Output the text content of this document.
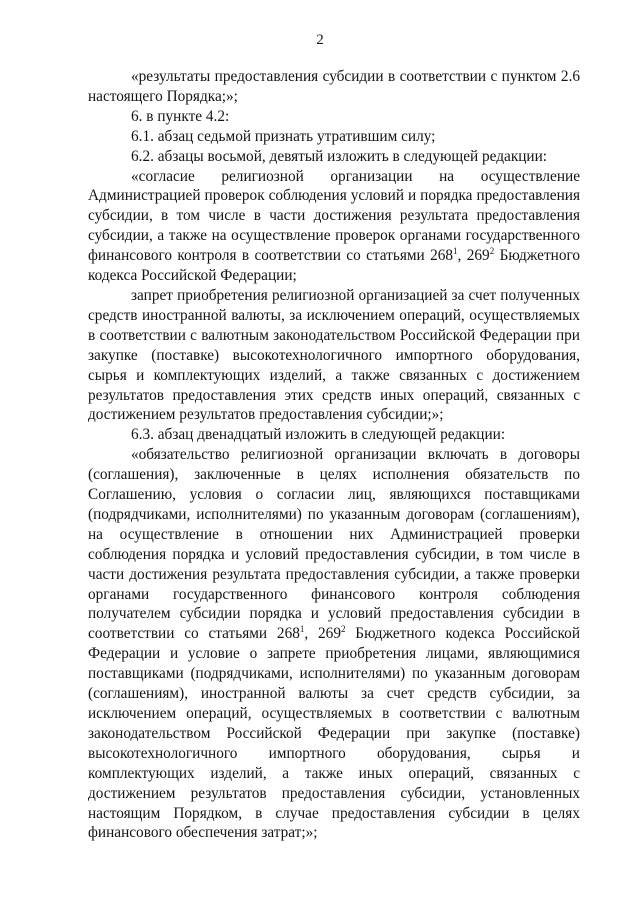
2

«результаты предоставления субсидии в соответствии с пунктом 2.6 настоящего Порядка;»;

6. в пункте 4.2:

6.1. абзац седьмой признать утратившим силу;

6.2. абзацы восьмой, девятый изложить в следующей редакции:

«согласие религиозной организации на осуществление Администрацией проверок соблюдения условий и порядка предоставления субсидии, в том числе в части достижения результата предоставления субсидии, а также на осуществление проверок органами государственного финансового контроля в соответствии со статьями $268^1$, $269^2$ Бюджетного кодекса Российской Федерации;

запрет приобретения религиозной организацией за счет полученных средств иностранной валюты, за исключением операций, осуществляемых в соответствии с валютным законодательством Российской Федерации при закупке (поставке) высокотехнологичного импортного оборудования, сырья и комплектующих изделий, а также связанных с достижением результатов предоставления этих средств иных операций, связанных с достижением результатов предоставления субсидии;»;

6.3. абзац двенадцатый изложить в следующей редакции:

«обязательство религиозной организации включать в договоры (соглашения), заключенные в целях исполнения обязательств по Соглашению, условия о согласии лиц, являющихся поставщиками (подрядчиками, исполнителями) по указанным договорам (соглашениям), на осуществление в отношении них Администрацией проверки соблюдения порядка и условий предоставления субсидии, в том числе в части достижения результата предоставления субсидии, а также проверки органами государственного финансового контроля соблюдения получателем субсидии порядка и условий предоставления субсидии в соответствии со статьями $268^1$, $269^2$ Бюджетного кодекса Российской Федерации и условие о запрете приобретения лицами, являющимися поставщиками (подрядчиками, исполнителями) по указанным договорам (соглашениям), иностранной валюты за счет средств субсидии, за исключением операций, осуществляемых в соответствии с валютным законодательством Российской Федерации при закупке (поставке) высокотехнологичного импортного оборудования, сырья и комплектующих изделий, а также иных операций, связанных с достижением результатов предоставления субсидии, установленных настоящим Порядком, в случае предоставления субсидии в целях финансового обеспечения затрат;»;
